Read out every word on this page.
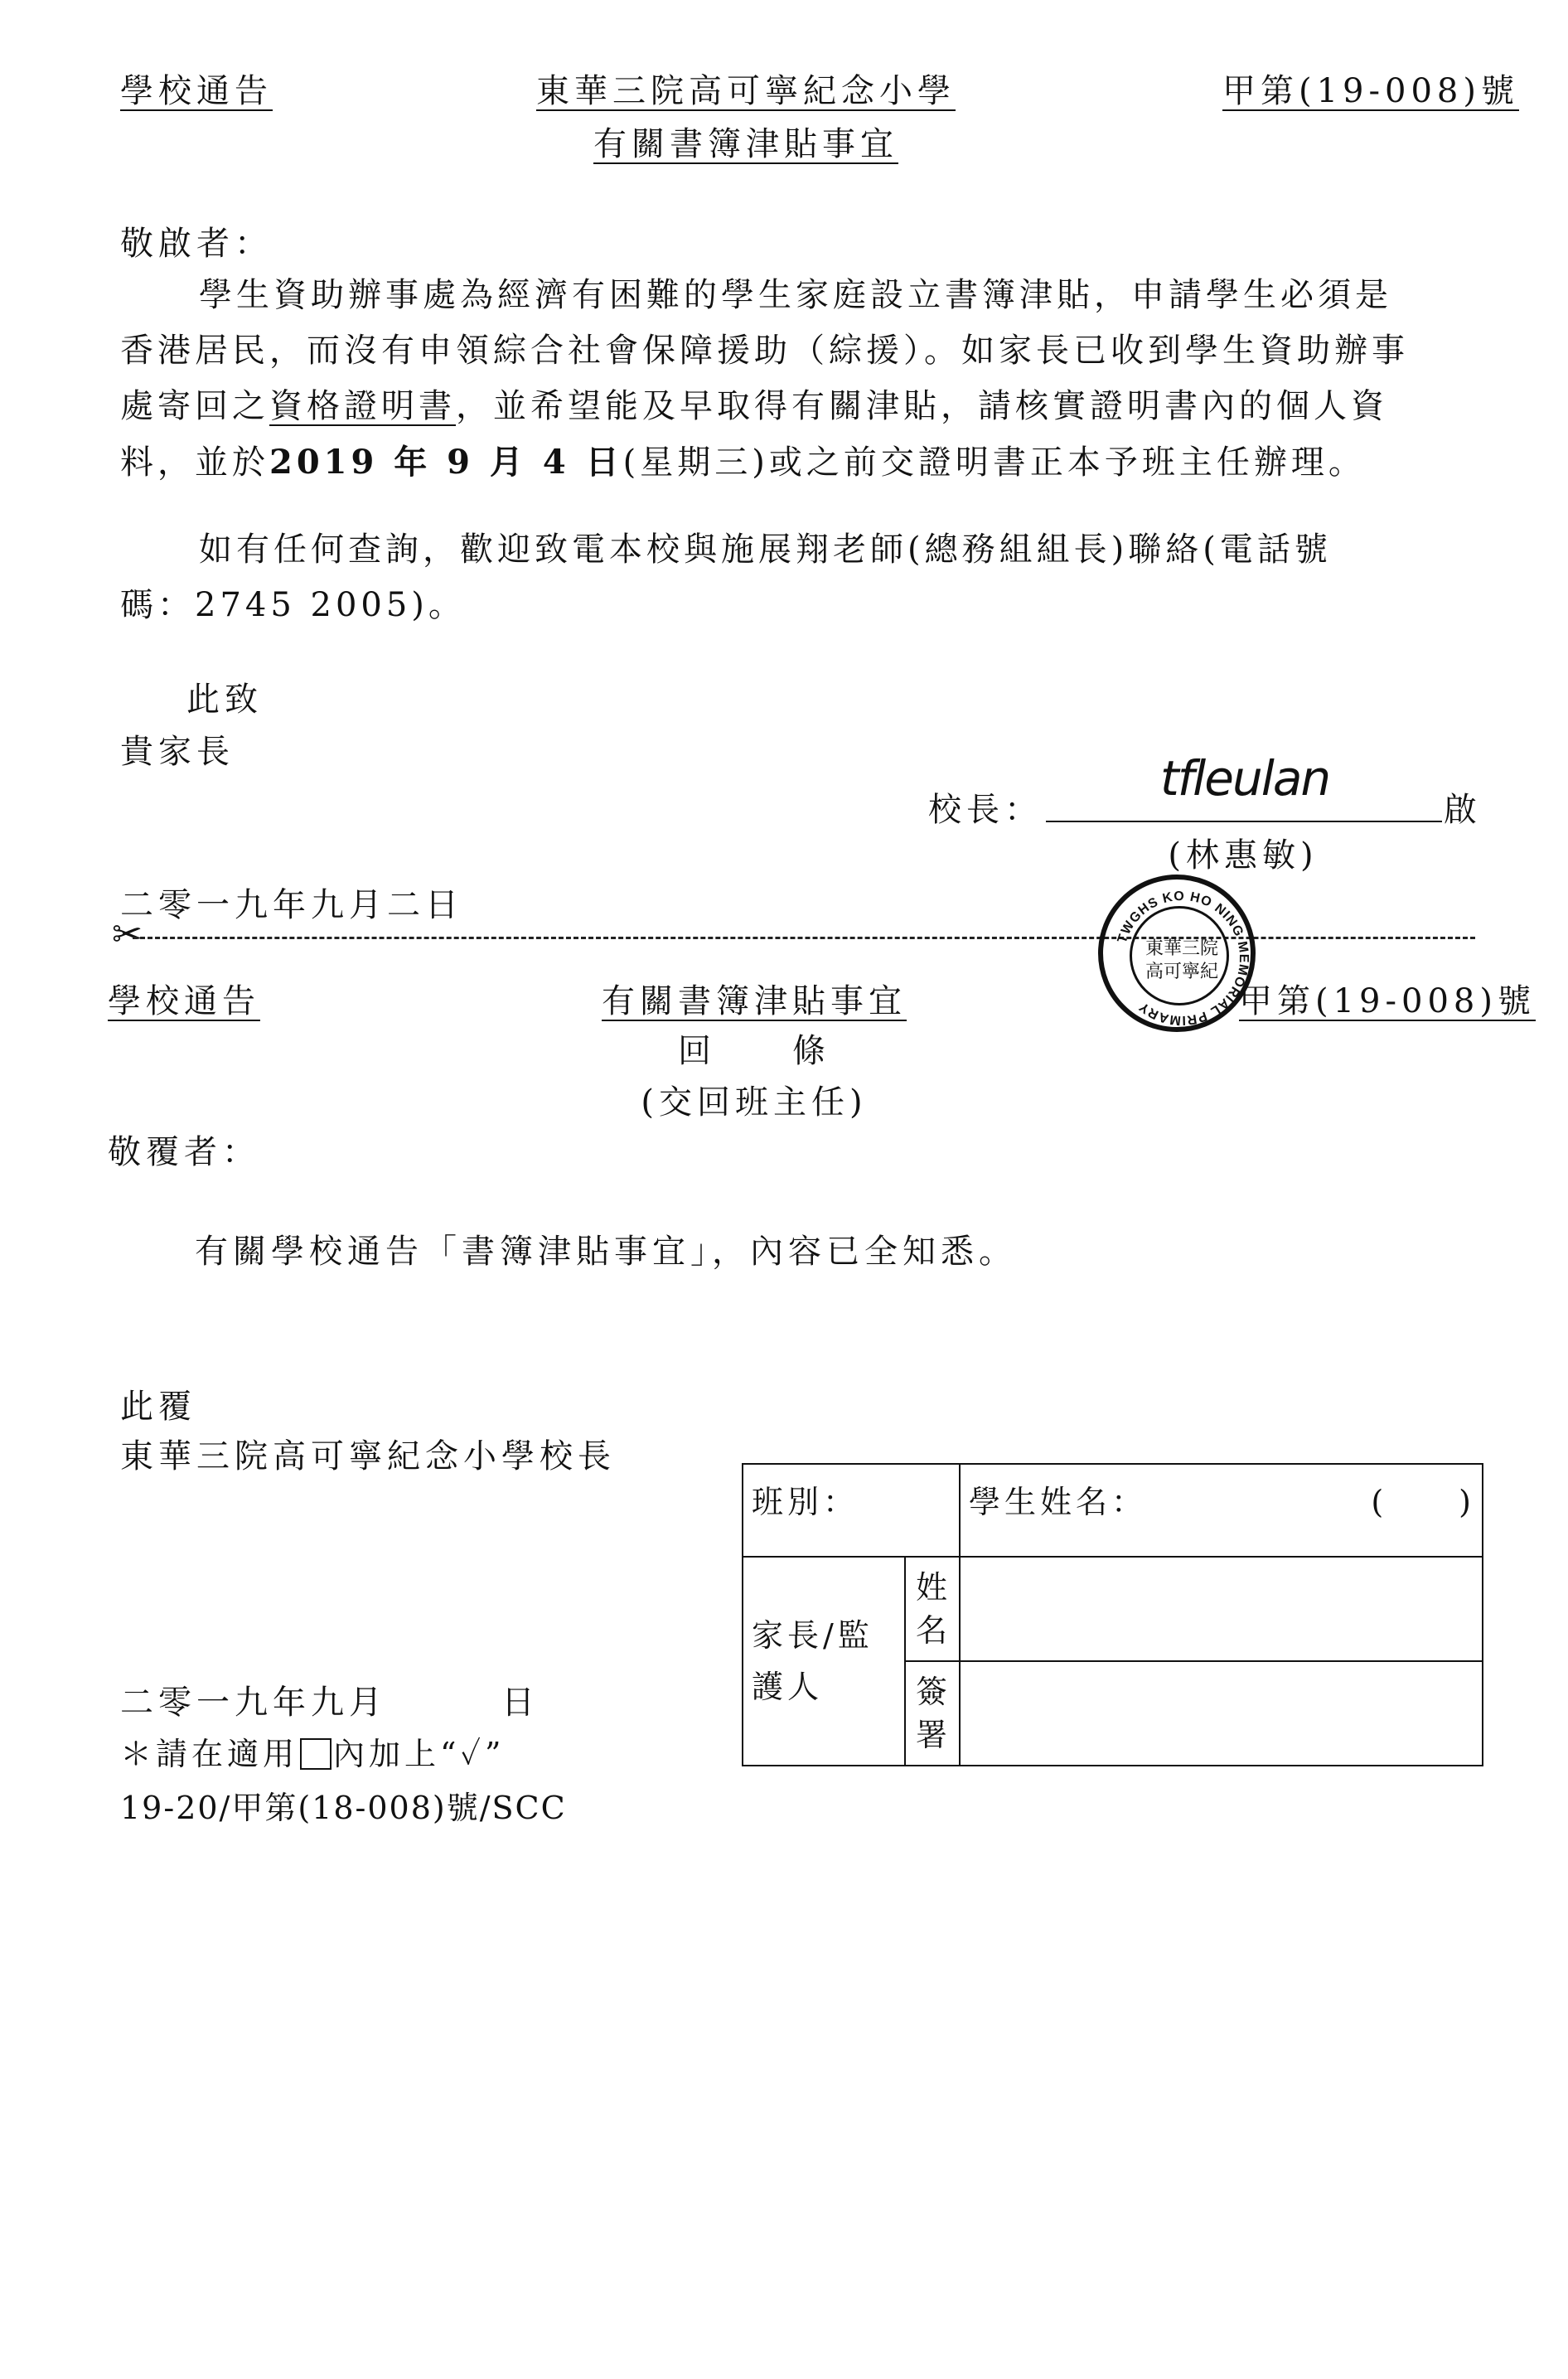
學校通告	東華三院高可寧紀念小學
有關書簿津貼事宜
甲第(19-008)號
敬啟者：
學生資助辦事處為經濟有困難的學生家庭設立書簿津貼，申請學生必須是
香港居民，而沒有申領綜合社會保障援助（綜援）。如家長已收到學生資助辦事
處寄回之資格證明書，並希望能及早取得有關津貼，請核實證明書內的個人資
料，並於2019 年 9 月 4 日(星期三)或之前交證明書正本予班主任辦理。
如有任何查詢，歡迎致電本校與施展翔老師(總務組組長)聯絡(電話號
碼：2745 2005)。
此致
貴家長
校長：
tfleulan
啟
(林惠敏)
二零一九年九月二日
✂
學校通告	有關書簿津貼事宜	甲第(19-008)號
回　　條
(交回班主任)
TWGHS KO HO NING MEMORIAL PRIMARY
東華三院
高可寧紀
敬覆者：
有關學校通告「書簿津貼事宜」，內容已全知悉。
此覆
東華三院高可寧紀念小學校長
班別：		學生姓名： (　　)

家長/監護人	姓名	

	簽署	

二零一九年九月　　　日
＊請在適用 內加上“✓”
19-20/甲第(18-008)號/SCC
